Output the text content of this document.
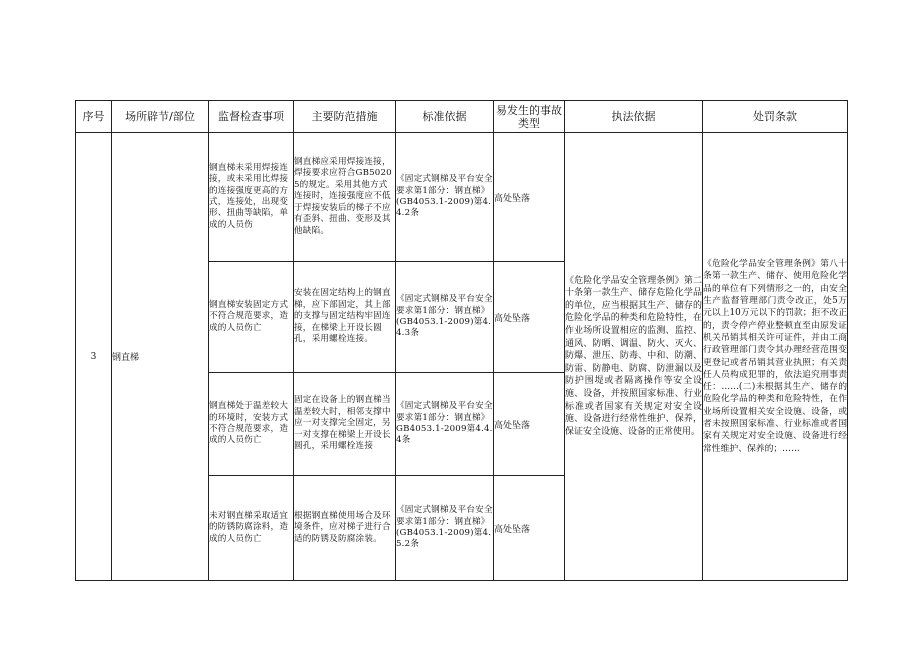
序号	场所辟节/部位	监督检查事项	主要防范措施	标准依据	易发生的事故类型	执法依据	处罚条款
3	钢直梯	钢直梯未采用焊接连接，或未采用比焊接的连接强度更高的方式，连接处，出现变形、扭曲等缺陷，单成的人员伤	钢直梯应采用焊接连接，焊接要求应符合GB50205的规定。采用其他方式连接时，连接强度应不低于焊接安装后的梯子不应有歪斜、扭曲、变形及其他缺陷。	《固定式钢梯及平台安全要求第1部分：钢直梯》(GB4053.1-2009)第4.4.2条	高处坠落	《危险化学品安全管理条例》第二十条第一款生产、储存危险化学品的单位，应当根据其生产、储存的危险化学品的种类和危险特性，在作业场所设置相应的监测、监控、通风、防晒、调温、防火、灭火、防爆、泄压、防毒、中和、防潮、防雷、防静电、防腐、防泄漏以及防护围堤或者隔离操作等安全设施、设备，并按照国家标准、行业标准或者国家有关规定对安全设施、设备进行经常性维护、保养，保证安全设施、设备的正常使用。	《危险化学品安全管理条例》第八十条第一款生产、储存、使用危险化学品的单位有下列情形之一的，由安全生产监督管理部门责令改正，处5万元以上10万元以下的罚款；拒不改正的，责令停产停业整顿直至由原发证机关吊销其相关许可证件，并由工商行政管理部门责令其办理经营范围变更登记或者吊销其营业执照；有关责任人员构成犯罪的，依法追究刑事责任：……(二)未根据其生产、储存的危险化学品的种类和危险特性，在作业场所设置相关安全设施、设备，或者未按照国家标准、行业标准或者国家有关规定对安全设施、设备进行经常性维护、保养的；……
		钢直梯安装固定方式不符合规范要求，造成的人员伤亡	安装在固定结构上的钢直梯，应下部固定，其上部的支撑与固定结构牢固连接，在梯梁上开设长圆孔，采用螺栓连接。	《固定式钢梯及平台安全要求第1部分：钢直梯》(GB4053.1-2009)第4.4.3条	高处坠落		
		钢直梯处于温差较大的环境时，安装方式不符合规范要求，造成的人员伤亡	固定在设备上的钢直梯当温差较大时，相邻支撑中应一对支撑完全固定，另一对支撑在梯梁上开设长圆孔，采用螺栓连接	《固定式钢梯及平台安全要求第1部分：钢直梯》GB4053.1-2009第4.4.4条	高处坠落		
		未对钢直梯采取适宜的防锈防腐涂料，造成的人员伤亡	根据钢直梯使用场合及环境条件，应对梯子进行合适的防锈及防腐涂装。	《固定式钢梯及平台安全要求第1部分：钢直梯》(GB4053.1-2009)第4.5.2条	高处坠落		
